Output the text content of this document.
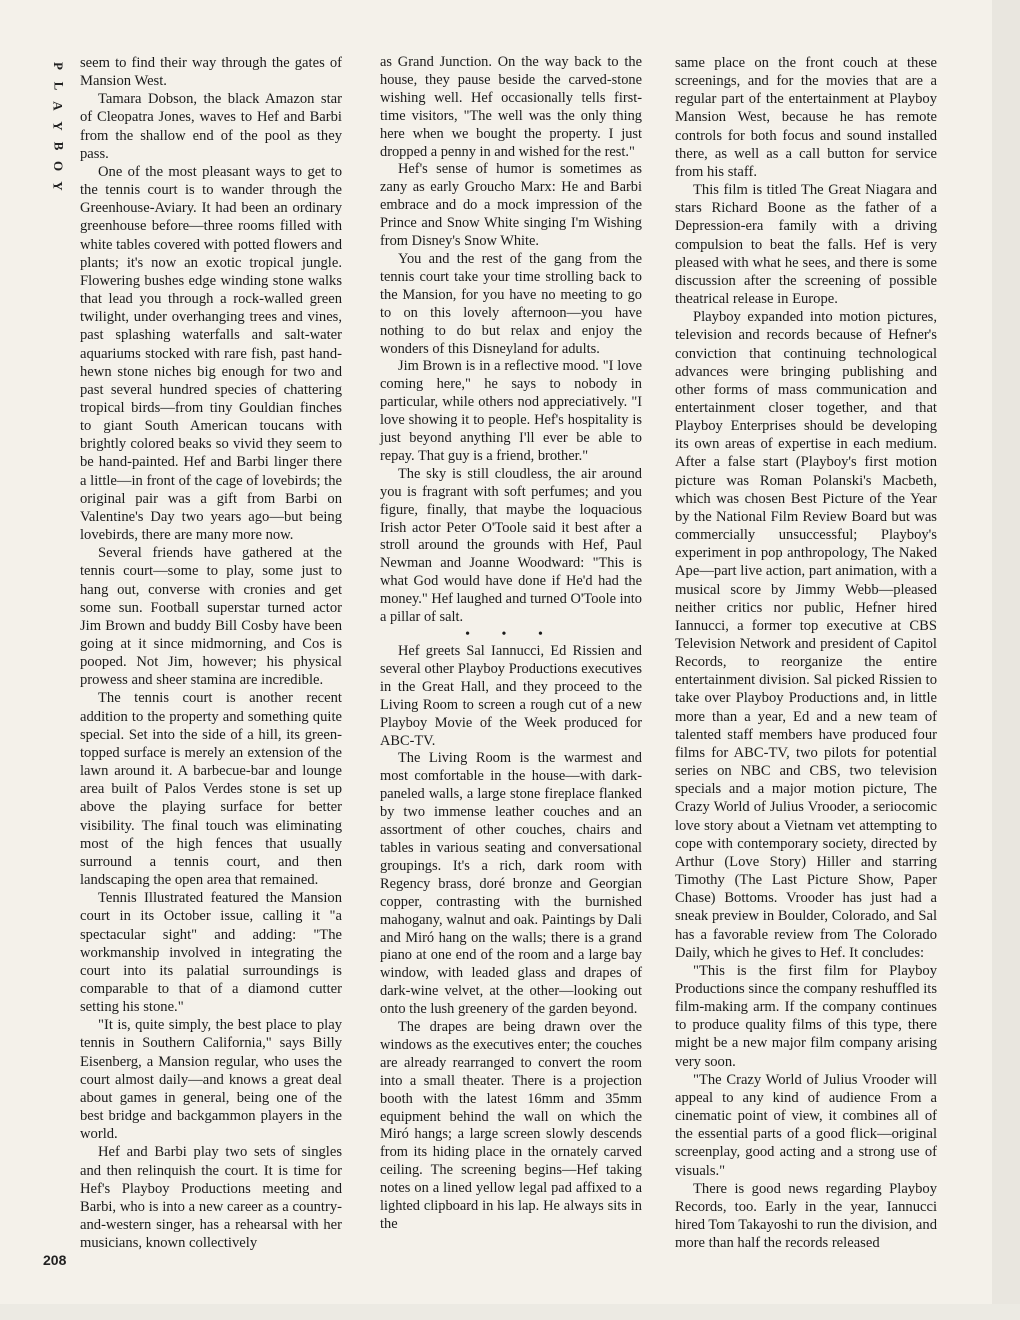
P
L
A
Y
B
O
Y
208

seem to find their way through the gates of Mansion West.

Tamara Dobson, the black Amazon star of Cleopatra Jones, waves to Hef and Barbi from the shallow end of the pool as they pass.

One of the most pleasant ways to get to the tennis court is to wander through the Greenhouse-Aviary. It had been an ordinary greenhouse before—three rooms filled with white tables covered with potted flowers and plants; it's now an exotic tropical jungle. Flowering bushes edge winding stone walks that lead you through a rock-walled green twilight, under overhanging trees and vines, past splashing waterfalls and salt-water aquariums stocked with rare fish, past hand-hewn stone niches big enough for two and past several hundred species of chattering tropical birds—from tiny Gouldian finches to giant South American toucans with brightly colored beaks so vivid they seem to be hand-painted. Hef and Barbi linger there a little—in front of the cage of lovebirds; the original pair was a gift from Barbi on Valentine's Day two years ago—but being lovebirds, there are many more now.

Several friends have gathered at the tennis court—some to play, some just to hang out, converse with cronies and get some sun. Football superstar turned actor Jim Brown and buddy Bill Cosby have been going at it since midmorning, and Cos is pooped. Not Jim, however; his physical prowess and sheer stamina are incredible.

The tennis court is another recent addition to the property and something quite special. Set into the side of a hill, its green-topped surface is merely an extension of the lawn around it. A barbecue-bar and lounge area built of Palos Verdes stone is set up above the playing surface for better visibility. The final touch was eliminating most of the high fences that usually surround a tennis court, and then landscaping the open area that remained.

Tennis Illustrated featured the Mansion court in its October issue, calling it "a spectacular sight" and adding: "The workmanship involved in integrating the court into its palatial surroundings is comparable to that of a diamond cutter setting his stone."

"It is, quite simply, the best place to play tennis in Southern California," says Billy Eisenberg, a Mansion regular, who uses the court almost daily—and knows a great deal about games in general, being one of the best bridge and backgammon players in the world.

Hef and Barbi play two sets of singles and then relinquish the court. It is time for Hef's Playboy Productions meeting and Barbi, who is into a new career as a country-and-western singer, has a rehearsal with her musicians, known collectively

as Grand Junction. On the way back to the house, they pause beside the carved-stone wishing well. Hef occasionally tells first-time visitors, "The well was the only thing here when we bought the property. I just dropped a penny in and wished for the rest."

Hef's sense of humor is sometimes as zany as early Groucho Marx: He and Barbi embrace and do a mock impression of the Prince and Snow White singing I'm Wishing from Disney's Snow White.

You and the rest of the gang from the tennis court take your time strolling back to the Mansion, for you have no meeting to go to on this lovely afternoon—you have nothing to do but relax and enjoy the wonders of this Disneyland for adults.

Jim Brown is in a reflective mood. "I love coming here," he says to nobody in particular, while others nod appreciatively. "I love showing it to people. Hef's hospitality is just beyond anything I'll ever be able to repay. That guy is a friend, brother."

The sky is still cloudless, the air around you is fragrant with soft perfumes; and you figure, finally, that maybe the loquacious Irish actor Peter O'Toole said it best after a stroll around the grounds with Hef, Paul Newman and Joanne Woodward: "This is what God would have done if He'd had the money." Hef laughed and turned O'Toole into a pillar of salt.

• • •

Hef greets Sal Iannucci, Ed Rissien and several other Playboy Productions executives in the Great Hall, and they proceed to the Living Room to screen a rough cut of a new Playboy Movie of the Week produced for ABC-TV.

The Living Room is the warmest and most comfortable in the house—with dark-paneled walls, a large stone fireplace flanked by two immense leather couches and an assortment of other couches, chairs and tables in various seating and conversational groupings. It's a rich, dark room with Regency brass, doré bronze and Georgian copper, contrasting with the burnished mahogany, walnut and oak. Paintings by Dali and Miró hang on the walls; there is a grand piano at one end of the room and a large bay window, with leaded glass and drapes of dark-wine velvet, at the other—looking out onto the lush greenery of the garden beyond.

The drapes are being drawn over the windows as the executives enter; the couches are already rearranged to convert the room into a small theater. There is a projection booth with the latest 16mm and 35mm equipment behind the wall on which the Miró hangs; a large screen slowly descends from its hiding place in the ornately carved ceiling. The screening begins—Hef taking notes on a lined yellow legal pad affixed to a lighted clipboard in his lap. He always sits in the

same place on the front couch at these screenings, and for the movies that are a regular part of the entertainment at Playboy Mansion West, because he has remote controls for both focus and sound installed there, as well as a call button for service from his staff.

This film is titled The Great Niagara and stars Richard Boone as the father of a Depression-era family with a driving compulsion to beat the falls. Hef is very pleased with what he sees, and there is some discussion after the screening of possible theatrical release in Europe.

Playboy expanded into motion pictures, television and records because of Hefner's conviction that continuing technological advances were bringing publishing and other forms of mass communication and entertainment closer together, and that Playboy Enterprises should be developing its own areas of expertise in each medium. After a false start (Playboy's first motion picture was Roman Polanski's Macbeth, which was chosen Best Picture of the Year by the National Film Review Board but was commercially unsuccessful; Playboy's experiment in pop anthropology, The Naked Ape—part live action, part animation, with a musical score by Jimmy Webb—pleased neither critics nor public, Hefner hired Iannucci, a former top executive at CBS Television Network and president of Capitol Records, to reorganize the entire entertainment division. Sal picked Rissien to take over Playboy Productions and, in little more than a year, Ed and a new team of talented staff members have produced four films for ABC-TV, two pilots for potential series on NBC and CBS, two television specials and a major motion picture, The Crazy World of Julius Vrooder, a seriocomic love story about a Vietnam vet attempting to cope with contemporary society, directed by Arthur (Love Story) Hiller and starring Timothy (The Last Picture Show, Paper Chase) Bottoms. Vrooder has just had a sneak preview in Boulder, Colorado, and Sal has a favorable review from The Colorado Daily, which he gives to Hef. It concludes:

"This is the first film for Playboy Productions since the company reshuffled its film-making arm. If the company continues to produce quality films of this type, there might be a new major film company arising very soon.

"The Crazy World of Julius Vrooder will appeal to any kind of audience From a cinematic point of view, it combines all of the essential parts of a good flick—original screenplay, good acting and a strong use of visuals."

There is good news regarding Playboy Records, too. Early in the year, Iannucci hired Tom Takayoshi to run the division, and more than half the records released
